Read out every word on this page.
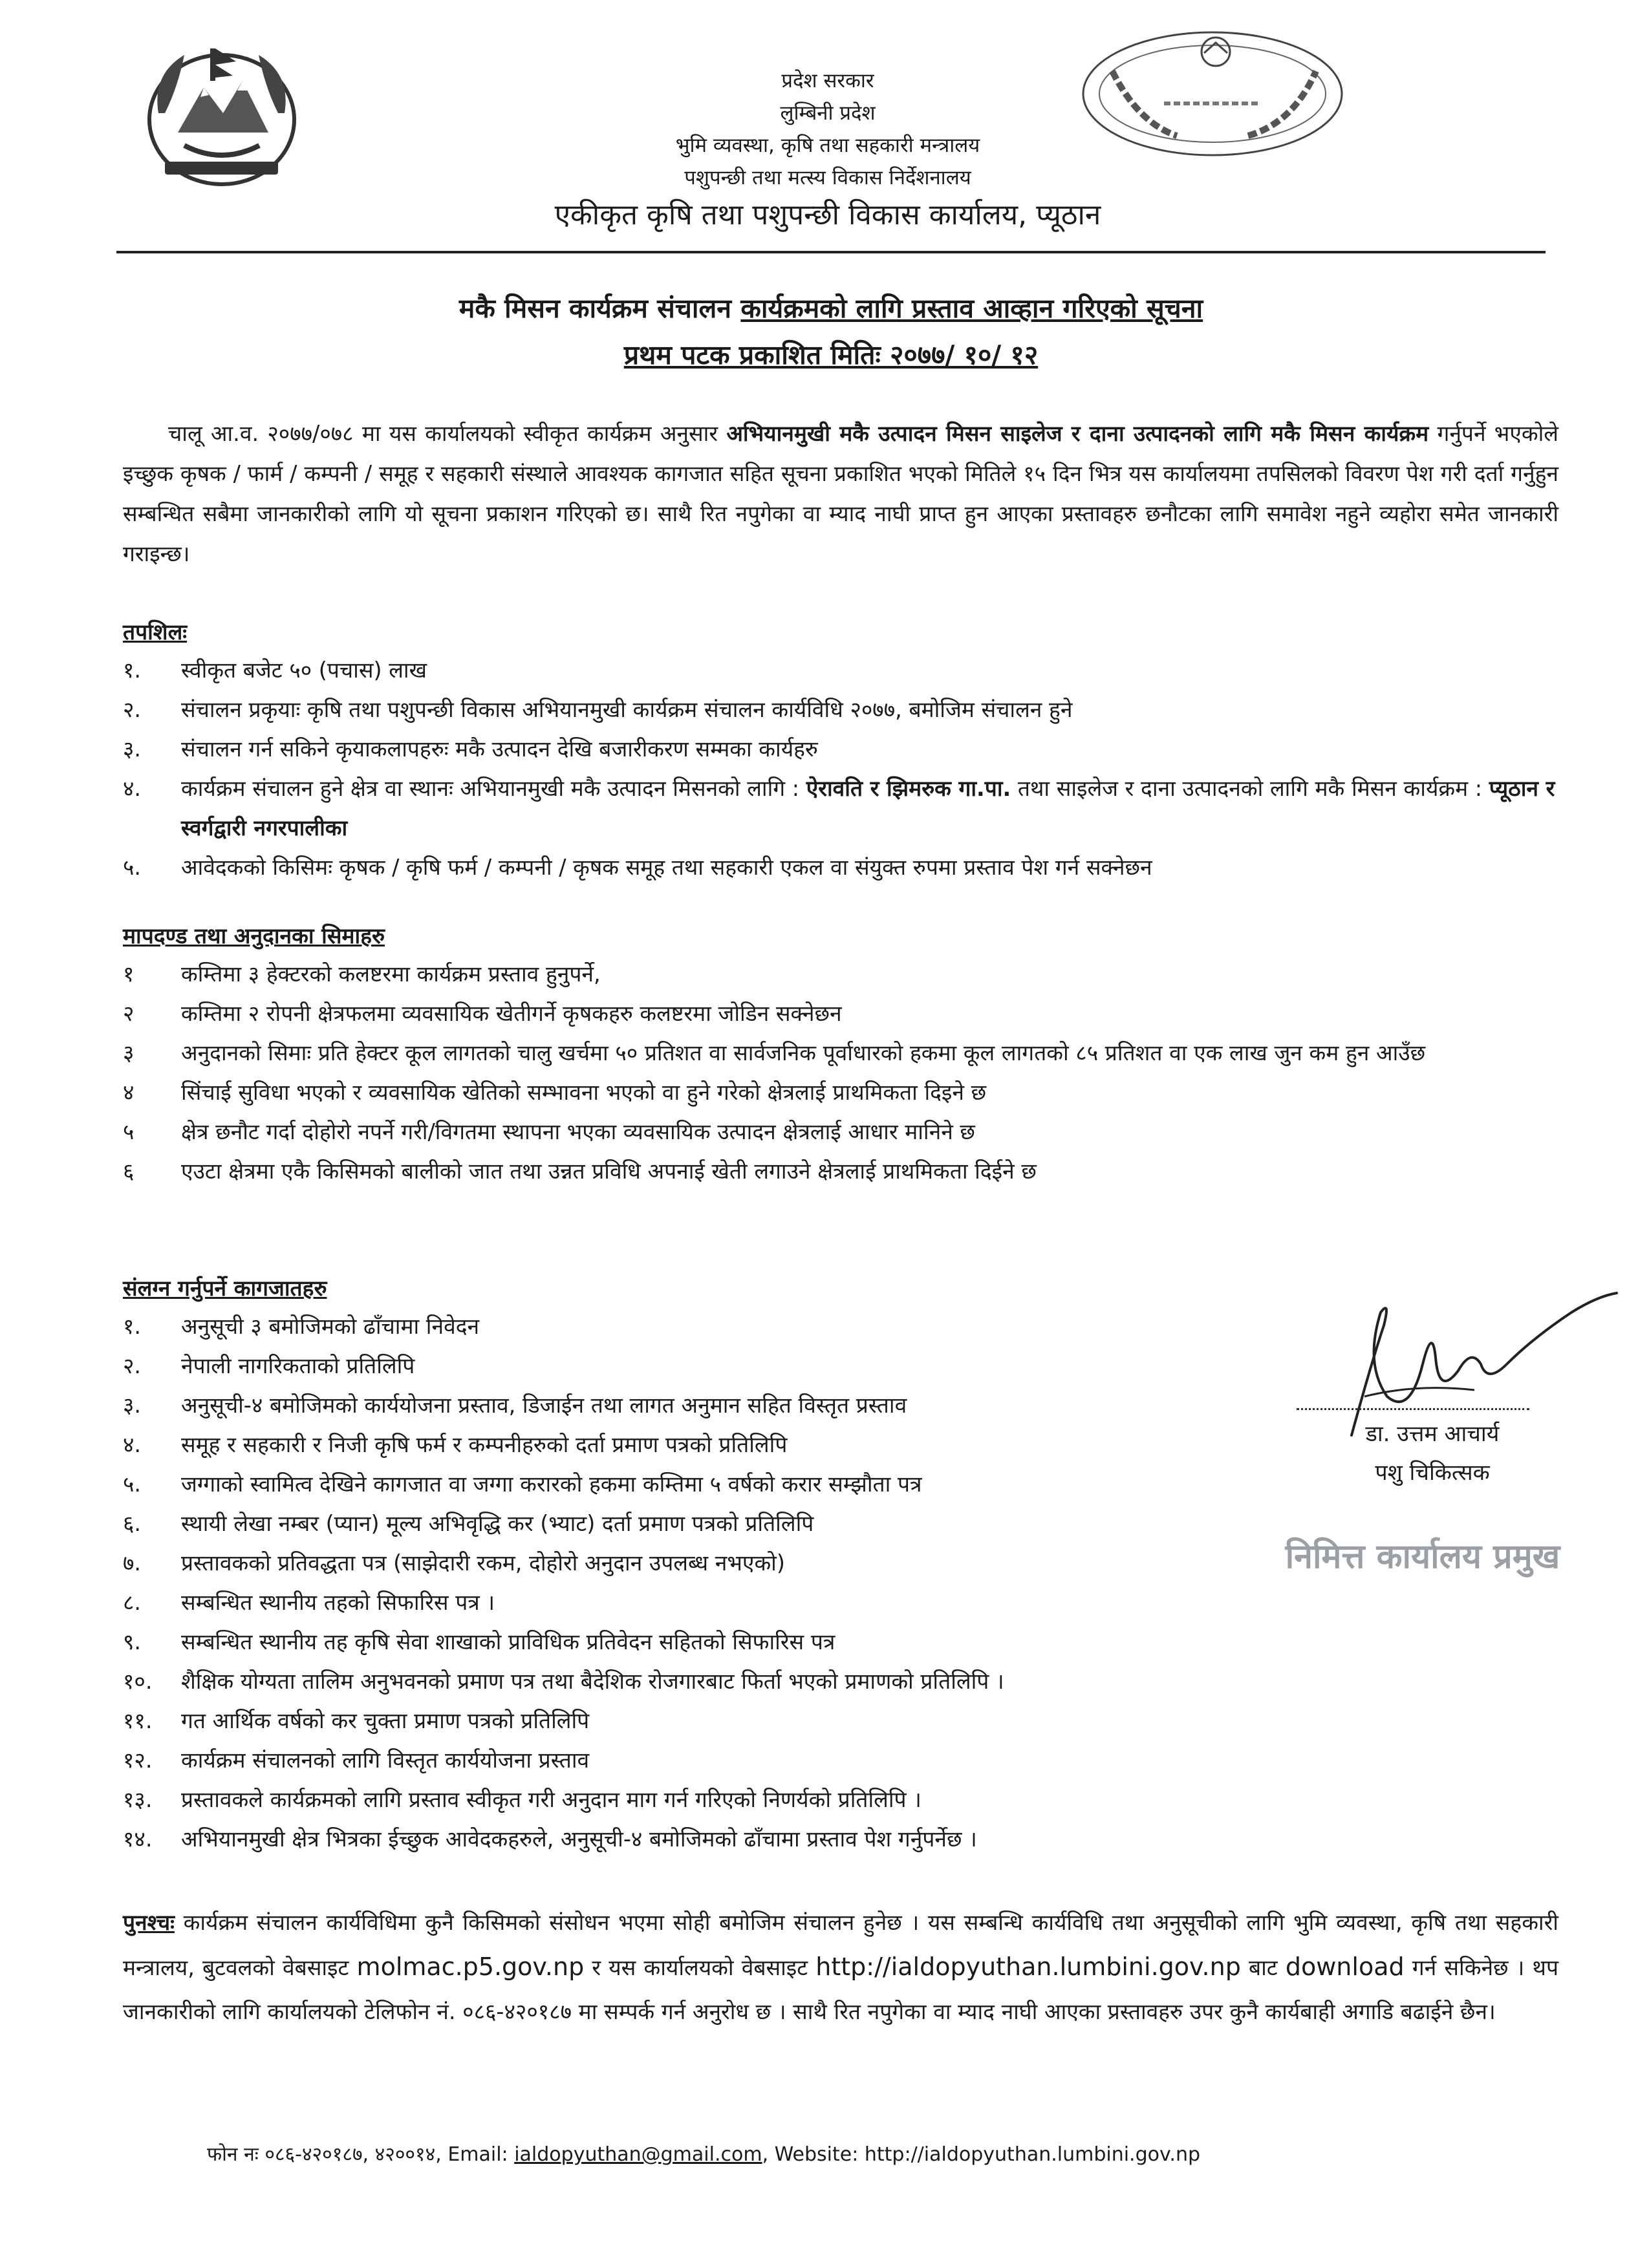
प्रदेश सरकार
लुम्बिनी प्रदेश
भुमि व्यवस्था, कृषि तथा सहकारी मन्त्रालय
पशुपन्छी तथा मत्स्य विकास निर्देशनालय
एकीकृत कृषि तथा पशुपन्छी विकास कार्यालय, प्यूठान
मकै मिसन कार्यक्रम संचालन कार्यक्रमको लागि प्रस्ताव आव्हान गरिएको सूचना
प्रथम पटक प्रकाशित मितिः २०७७/ १०/ १२
चालू आ.व. २०७७/०७८ मा यस कार्यालयको स्वीकृत कार्यक्रम अनुसार अभियानमुखी मकै उत्पादन मिसन साइलेज र दाना उत्पादनको लागि मकै मिसन कार्यक्रम गर्नुपर्ने भएकोले इच्छुक कृषक / फार्म / कम्पनी / समूह र सहकारी संस्थाले आवश्यक कागजात सहित सूचना प्रकाशित भएको मितिले १५ दिन भित्र यस कार्यालयमा तपसिलको विवरण पेश गरी दर्ता गर्नुहुन सम्बन्धित सबैमा जानकारीको लागि यो सूचना प्रकाशन गरिएको छ। साथै रित नपुगेका वा म्याद नाघी प्राप्त हुन आएका प्रस्तावहरु छनौटका लागि समावेश नहुने व्यहोरा समेत जानकारी गराइन्छ।
तपशिलः
१.	स्वीकृत बजेट ५० (पचास) लाख
२.	संचालन प्रकृयाः कृषि तथा पशुपन्छी विकास अभियानमुखी कार्यक्रम संचालन कार्यविधि २०७७, बमोजिम संचालन हुने
३.	संचालन गर्न सकिने कृयाकलापहरुः मकै उत्पादन देखि बजारीकरण सम्मका कार्यहरु
४.	कार्यक्रम संचालन हुने क्षेत्र वा स्थानः अभियानमुखी मकै उत्पादन मिसनको लागि : ऐरावति र झिमरुक गा.पा. तथा साइलेज र दाना उत्पादनको लागि मकै मिसन कार्यक्रम : प्यूठान र स्वर्गद्वारी नगरपालीका
५.	आवेदकको किसिमः कृषक / कृषि फर्म / कम्पनी / कृषक समूह तथा सहकारी एकल वा संयुक्त रुपमा प्रस्ताव पेश गर्न सक्नेछन
मापदण्ड तथा अनुदानका सिमाहरु
१	कम्तिमा ३ हेक्टरको कलष्टरमा कार्यक्रम प्रस्ताव हुनुपर्ने,
२	कम्तिमा २ रोपनी क्षेत्रफलमा व्यवसायिक खेतीगर्ने कृषकहरु कलष्टरमा जोडिन सक्नेछन
३	अनुदानको सिमाः प्रति हेक्टर कूल लागतको चालु खर्चमा ५० प्रतिशत वा सार्वजनिक पूर्वाधारको हकमा कूल लागतको ८५ प्रतिशत वा एक लाख जुन कम हुन आउँछ
४	सिंचाई सुविधा भएको र व्यवसायिक खेतिको सम्भावना भएको वा हुने गरेको क्षेत्रलाई प्राथमिकता दिइने छ
५	क्षेत्र छनौट गर्दा दोहोरो नपर्ने गरी/विगतमा स्थापना भएका व्यवसायिक उत्पादन क्षेत्रलाई आधार मानिने छ
६	एउटा क्षेत्रमा एकै किसिमको बालीको जात तथा उन्नत प्रविधि अपनाई खेती लगाउने क्षेत्रलाई प्राथमिकता दिईने छ
संलग्न गर्नुपर्ने कागजातहरु
१.	अनुसूची ३ बमोजिमको ढाँचामा निवेदन
२.	नेपाली नागरिकताको प्रतिलिपि
३.	अनुसूची-४ बमोजिमको कार्ययोजना प्रस्ताव, डिजाईन तथा लागत अनुमान सहित विस्तृत प्रस्ताव
४.	समूह र सहकारी र निजी कृषि फर्म र कम्पनीहरुको दर्ता प्रमाण पत्रको प्रतिलिपि
५.	जग्गाको स्वामित्व देखिने कागजात वा जग्गा करारको हकमा कम्तिमा ५ वर्षको करार सम्झौता पत्र
६.	स्थायी लेखा नम्बर (प्यान) मूल्य अभिवृद्धि कर (भ्याट) दर्ता प्रमाण पत्रको प्रतिलिपि
७.	प्रस्तावकको प्रतिवद्धता पत्र (साझेदारी रकम, दोहोरो अनुदान उपलब्ध नभएको)
८.	सम्बन्धित स्थानीय तहको सिफारिस पत्र ।
९.	सम्बन्धित स्थानीय तह कृषि सेवा शाखाको प्राविधिक प्रतिवेदन सहितको सिफारिस पत्र
१०.	शैक्षिक योग्यता तालिम अनुभवनको प्रमाण पत्र तथा बैदेशिक रोजगारबाट फिर्ता भएको प्रमाणको प्रतिलिपि ।
११.	गत आर्थिक वर्षको कर चुक्ता प्रमाण पत्रको प्रतिलिपि
१२.	कार्यक्रम संचालनको लागि विस्तृत कार्ययोजना प्रस्ताव
१३.	प्रस्तावकले कार्यक्रमको लागि प्रस्ताव स्वीकृत गरी अनुदान माग गर्न गरिएको निणर्यको प्रतिलिपि ।
१४.	अभियानमुखी क्षेत्र भित्रका ईच्छुक आवेदकहरुले, अनुसूची-४ बमोजिमको ढाँचामा प्रस्ताव पेश गर्नुपर्नेछ ।
डा. उत्तम आचार्य
पशु चिकित्सक
निमित्त कार्यालय प्रमुख
पुनश्चः कार्यक्रम संचालन कार्यविधिमा कुनै किसिमको संसोधन भएमा सोही बमोजिम संचालन हुनेछ । यस सम्बन्धि कार्यविधि तथा अनुसूचीको लागि भुमि व्यवस्था, कृषि तथा सहकारी मन्त्रालय, बुटवलको वेबसाइट molmac.p5.gov.np र यस कार्यालयको वेबसाइट http://ialdopyuthan.lumbini.gov.np बाट download गर्न सकिनेछ । थप जानकारीको लागि कार्यालयको टेलिफोन नं. ०८६-४२०१८७ मा सम्पर्क गर्न अनुरोध छ । साथै रित नपुगेका वा म्याद नाघी आएका प्रस्तावहरु उपर कुनै कार्यबाही अगाडि बढाईने छैन।
फोन नः ०८६-४२०१८७, ४२००१४, Email: ialdopyuthan@gmail.com, Website: http://ialdopyuthan.lumbini.gov.np
